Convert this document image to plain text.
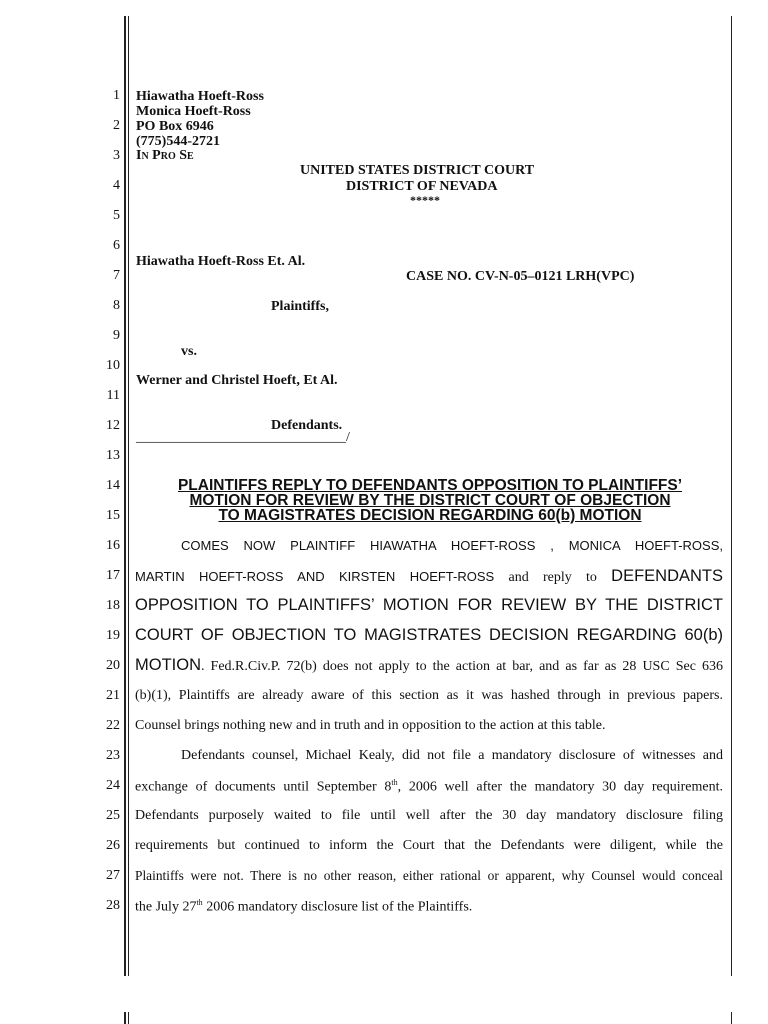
1
2
3
4
5
6
7
8
9
10
11
12
13
14
15
16
17
18
19
20
21
22
23
24
25
26
27
28
Hiawatha Hoeft-Ross
Monica Hoeft-Ross
PO Box 6946
(775)544-2721
In Pro Se
UNITED STATES DISTRICT COURT
DISTRICT OF NEVADA
*****
Hiawatha Hoeft-Ross Et. Al.
CASE NO. CV-N-05–0121 LRH(VPC)
Plaintiffs,
vs.
Werner and Christel Hoeft, Et Al.
Defendants.
______________________________/
PLAINTIFFS REPLY TO DEFENDANTS OPPOSITION TO PLAINTIFFS’
MOTION FOR REVIEW BY THE DISTRICT COURT OF OBJECTION
TO MAGISTRATES DECISION REGARDING 60(b) MOTION
COMES NOW PLAINTIFF HIAWATHA HOEFT-ROSS , MONICA HOEFT-ROSS,
MARTIN HOEFT-ROSS AND KIRSTEN HOEFT-ROSS and reply to DEFENDANTS
OPPOSITION TO PLAINTIFFS’ MOTION FOR REVIEW BY THE DISTRICT
COURT OF OBJECTION TO MAGISTRATES DECISION REGARDING 60(b)
MOTION. Fed.R.Civ.P. 72(b) does not apply to the action at bar, and as far as 28 USC Sec 636
(b)(1), Plaintiffs are already aware of this section as it was hashed through in previous papers.
Counsel brings nothing new and in truth and in opposition to the action at this table.
Defendants counsel, Michael Kealy, did not file a mandatory disclosure of witnesses and
exchange of documents until September 8th, 2006 well after the mandatory 30 day requirement.
Defendants purposely waited to file until well after the 30 day mandatory disclosure filing
requirements but continued to inform the Court that the Defendants were diligent, while the
Plaintiffs were not. There is no other reason, either rational or apparent, why Counsel would conceal
the July 27th 2006 mandatory disclosure list of the Plaintiffs.
